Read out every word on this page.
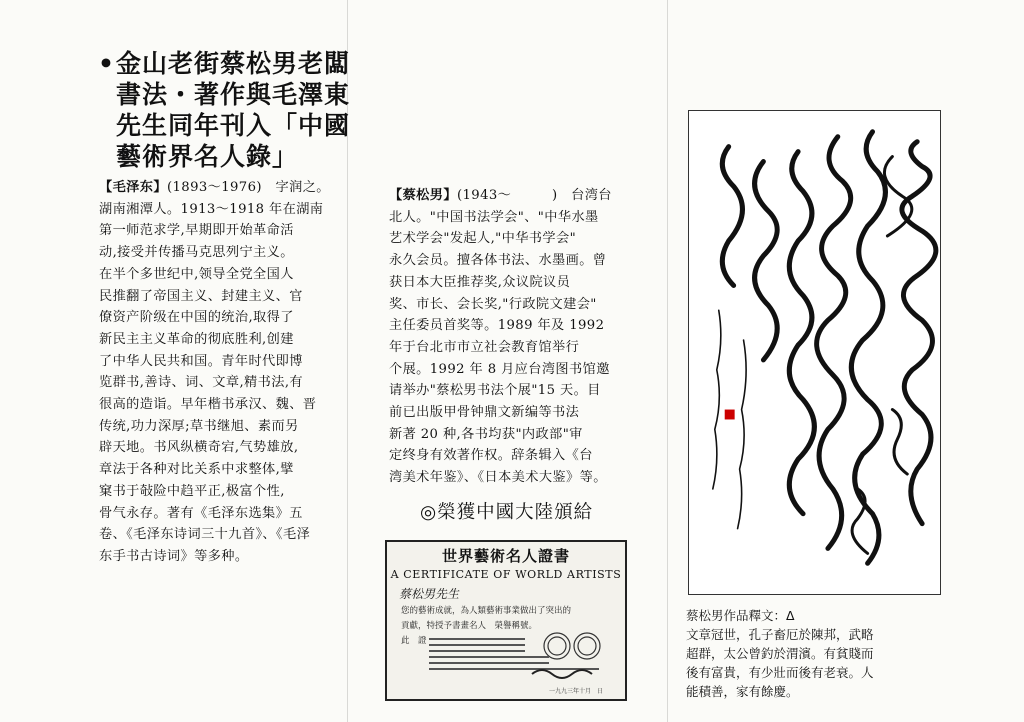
• 金山老街蔡松男老闆
書法・著作與毛澤東
先生同年刊入「中國
藝術界名人錄」
【毛泽东】(1893～1976)　字润之。
湖南湘潭人。1913～1918 年在湖南
第一师范求学,早期即开始革命活
动,接受并传播马克思列宁主义。
在半个多世纪中,领导全党全国人
民推翻了帝国主义、封建主义、官
僚资产阶级在中国的统治,取得了
新民主主义革命的彻底胜利,创建
了中华人民共和国。青年时代即博
览群书,善诗、词、文章,精书法,有
很高的造诣。早年楷书承汉、魏、晋
传统,功力深厚;草书继旭、素而另
辟天地。书风纵横奇宕,气势雄放,
章法于各种对比关系中求整体,擘
窠书于敧险中趋平正,极富个性,
骨气永存。著有《毛泽东选集》五
卷、《毛泽东诗词三十九首》、《毛泽
东手书古诗词》等多种。
【蔡松男】(1943～　　　)　台湾台
北人。"中国书法学会"、"中华水墨
艺术学会"发起人,"中华书学会"
永久会员。擅各体书法、水墨画。曾
获日本大臣推荐奖,众议院议员
奖、市长、会长奖,"行政院文建会"
主任委员首奖等。1989 年及 1992
年于台北市市立社会教育馆举行
个展。1992 年 8 月应台湾图书馆邀
请举办"蔡松男书法个展"15 天。目
前已出版甲骨钟鼎文新编等书法
新著 20 种,各书均获"内政部"审
定终身有效著作权。辞条辑入《台
湾美术年鉴》、《日本美术大鉴》等。
◎榮獲中國大陸頒給
世界藝術名人證書
A CERTIFICATE OF WORLD ARTISTS
蔡松男先生
您的藝術成就，為人類藝術事業做出了突出的
貢獻，特授予書畫名人　榮譽稱號。
此　證
一九九三年十月　日
蔡松男作品釋文：Δ
文章冠世，孔子畜厄於陳邦，武略
超群，太公曾釣於渭濱。有貧賤而
後有富貴，有少壯而後有老衰。人
能積善，家有餘慶。
